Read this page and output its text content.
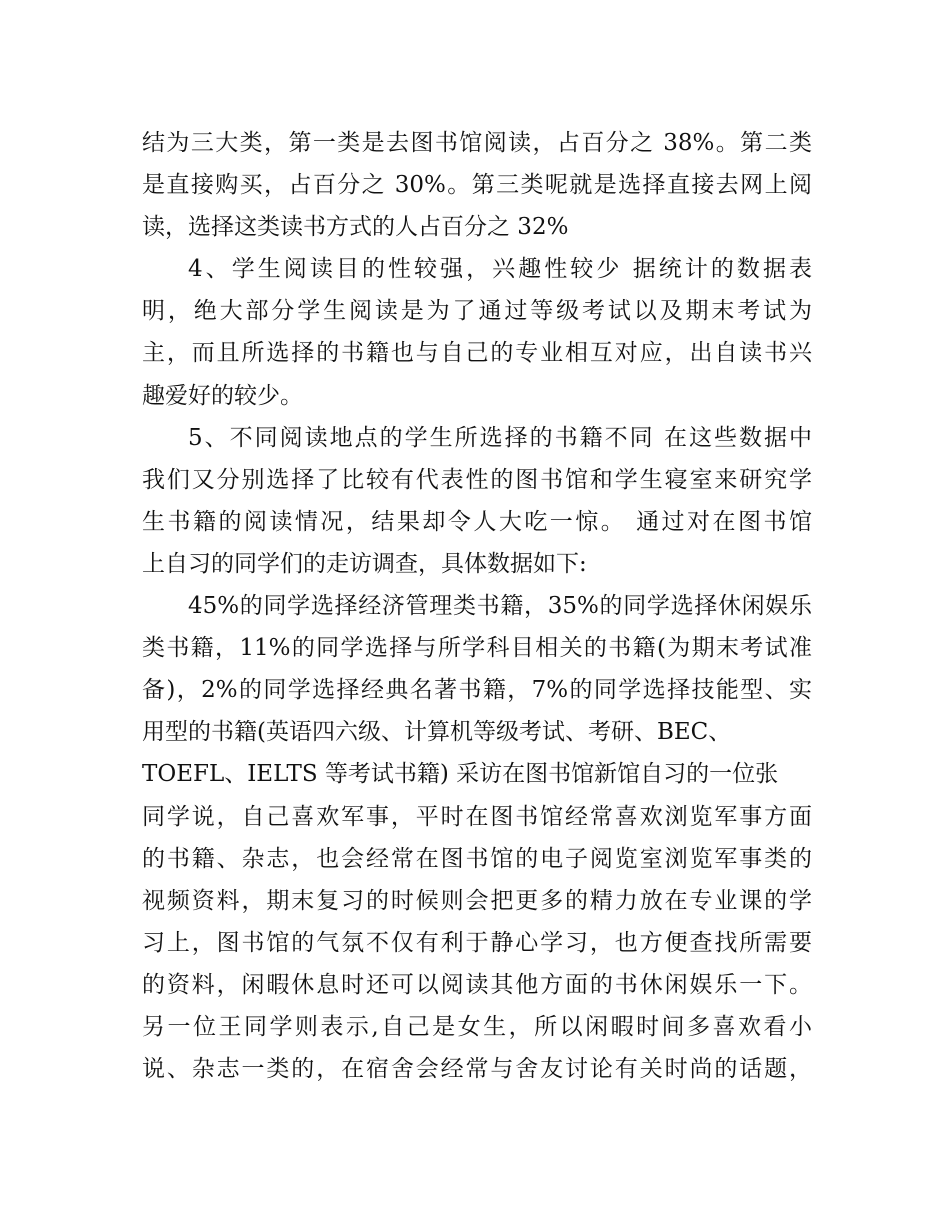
结为三大类，第一类是去图书馆阅读，占百分之 38%。第二类
是直接购买，占百分之 30%。第三类呢就是选择直接去网上阅
读，选择这类读书方式的人占百分之 32%
4、学生阅读目的性较强，兴趣性较少 据统计的数据表
明，绝大部分学生阅读是为了通过等级考试以及期末考试为
主，而且所选择的书籍也与自己的专业相互对应，出自读书兴
趣爱好的较少。
5、不同阅读地点的学生所选择的书籍不同 在这些数据中
我们又分别选择了比较有代表性的图书馆和学生寝室来研究学
生书籍的阅读情况，结果却令人大吃一惊。 通过对在图书馆
上自习的同学们的走访调查，具体数据如下:
45%的同学选择经济管理类书籍，35%的同学选择休闲娱乐
类书籍，11%的同学选择与所学科目相关的书籍(为期末考试准
备)，2%的同学选择经典名著书籍，7%的同学选择技能型、实
用型的书籍(英语四六级、计算机等级考试、考研、BEC、
TOEFL、IELTS 等考试书籍) 采访在图书馆新馆自习的一位张
同学说，自己喜欢军事，平时在图书馆经常喜欢浏览军事方面
的书籍、杂志，也会经常在图书馆的电子阅览室浏览军事类的
视频资料，期末复习的时候则会把更多的精力放在专业课的学
习上，图书馆的气氛不仅有利于静心学习，也方便查找所需要
的资料，闲暇休息时还可以阅读其他方面的书休闲娱乐一下。
另一位王同学则表示,自己是女生，所以闲暇时间多喜欢看小
说、杂志一类的，在宿舍会经常与舍友讨论有关时尚的话题，
